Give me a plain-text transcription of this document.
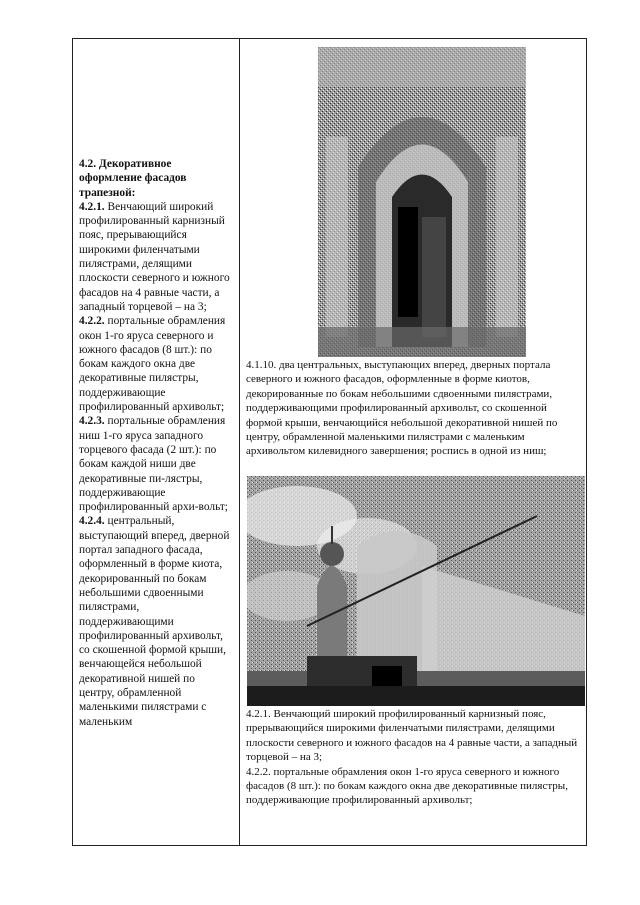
4.2. Декоративное оформление фасадов трапезной:

4.2.1. Венчающий широкий профилированный карнизный пояс, прерывающийся широкими филенчатыми пилястрами, делящими плоскости северного и южного фасадов на 4 равные части, а западный торцевой – на 3;

4.2.2. портальные обрамления окон 1-го яруса северного и южного фасадов (8 шт.): по бокам каждого окна две декоративные пилястры, поддерживающие профилированный архивольт;

4.2.3. портальные обрамления ниш 1-го яруса западного торцевого фасада (2 шт.): по бокам каждой ниши две декоративные пи-лястры, поддерживающие профилированный архи-вольт;

4.2.4. центральный, выступающий вперед, дверной портал западного фасада, оформленный в форме киота, декорированный по бокам небольшими сдвоенными пилястрами, поддерживающими профилированный архивольт, со скошенной формой крыши, венчающейся небольшой декоративной нишей по центру, обрамленной маленькими пилястрами с маленьким

4.1.10. два центральных, выступающих вперед, дверных портала северного и южного фасадов, оформленные в форме киотов, декорированные по бокам небольшими сдвоенными пилястрами, поддерживающими профилированный архивольт, со скошенной формой крыши, венчающийся небольшой декоративной нишей по центру, обрамленной маленькими пилястрами с маленьким архивольтом килевидного завершения; роспись в одной из ниш;

4.2.1. Венчающий широкий профилированный карнизный пояс, прерывающийся широкими филенчатыми пилястрами, делящими плоскости северного и южного фасадов на 4 равные части, а западный торцевой – на 3;
4.2.2. портальные обрамления окон 1-го яруса северного и южного фасадов (8 шт.): по бокам каждого окна две декоративные пилястры, поддерживающие профилированный архивольт;
